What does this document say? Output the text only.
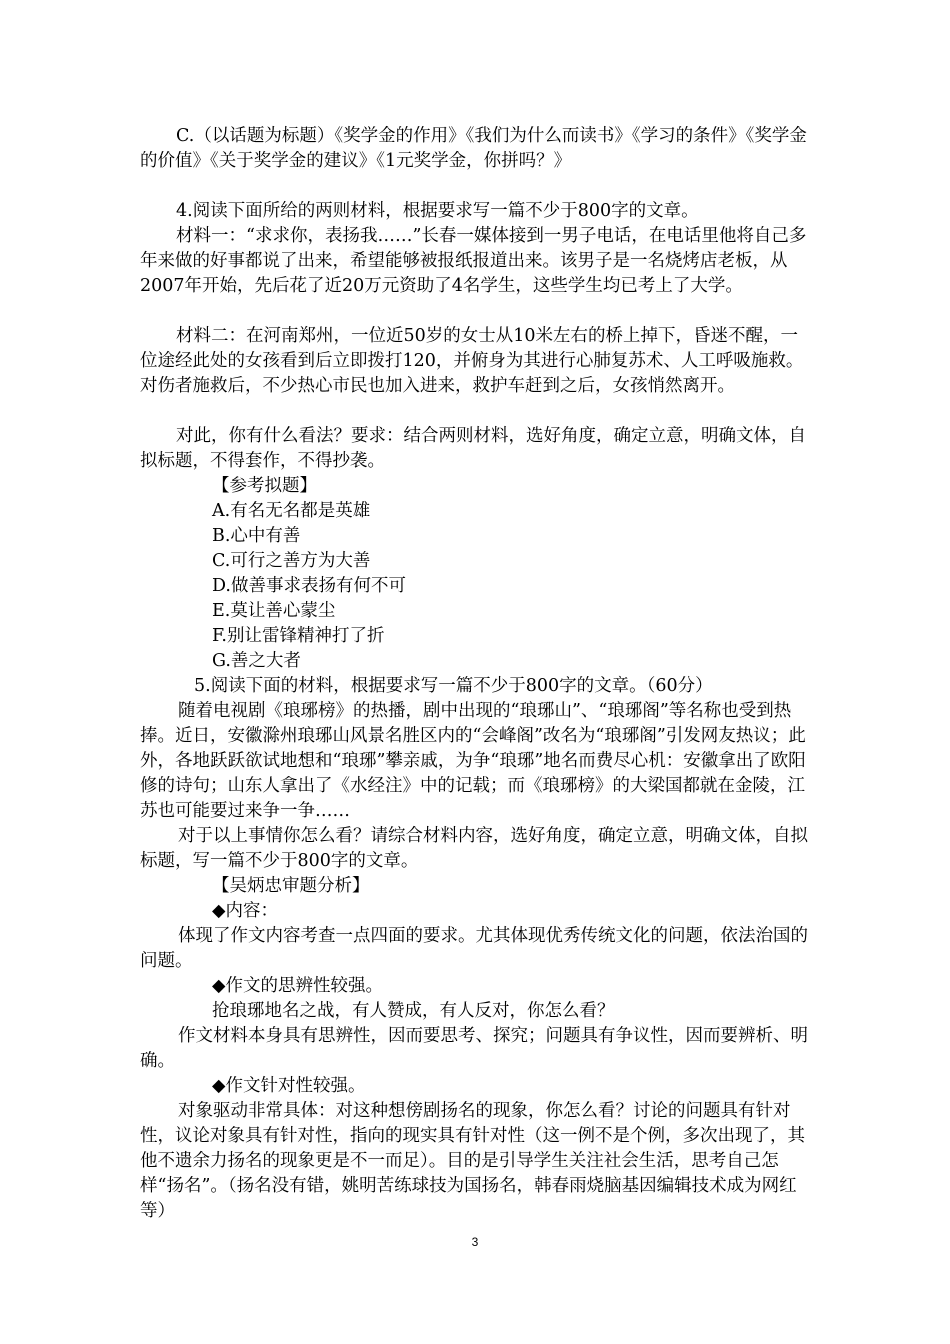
C.（以话题为标题）《奖学金的作用》《我们为什么而读书》《学习的条件》《奖学金的价值》《关于奖学金的建议》《1元奖学金，你拼吗？》

4.阅读下面所给的两则材料，根据要求写一篇不少于800字的文章。

材料一：“求求你，表扬我……”长春一媒体接到一男子电话，在电话里他将自己多年来做的好事都说了出来，希望能够被报纸报道出来。该男子是一名烧烤店老板，从2007年开始，先后花了近20万元资助了4名学生，这些学生均已考上了大学。

材料二：在河南郑州，一位近50岁的女士从10米左右的桥上掉下，昏迷不醒，一位途经此处的女孩看到后立即拨打120，并俯身为其进行心肺复苏术、人工呼吸施救。对伤者施救后，不少热心市民也加入进来，救护车赶到之后，女孩悄然离开。

对此，你有什么看法？要求：结合两则材料，选好角度，确定立意，明确文体，自拟标题，不得套作，不得抄袭。

【参考拟题】

A.有名无名都是英雄

B.心中有善

C.可行之善方为大善

D.做善事求表扬有何不可

E.莫让善心蒙尘

F.别让雷锋精神打了折

G.善之大者

5.阅读下面的材料，根据要求写一篇不少于800字的文章。（60分）

随着电视剧《琅琊榜》的热播，剧中出现的“琅琊山”、“琅琊阁”等名称也受到热捧。近日，安徽滁州琅琊山风景名胜区内的“会峰阁”改名为“琅琊阁”引发网友热议；此外，各地跃跃欲试地想和“琅琊”攀亲戚，为争“琅琊”地名而费尽心机：安徽拿出了欧阳修的诗句；山东人拿出了《水经注》中的记载；而《琅琊榜》的大梁国都就在金陵，江苏也可能要过来争一争……

对于以上事情你怎么看？请综合材料内容，选好角度，确定立意，明确文体，自拟标题，写一篇不少于800字的文章。

【吴炳忠审题分析】

◆内容：

体现了作文内容考查一点四面的要求。尤其体现优秀传统文化的问题，依法治国的问题。

◆作文的思辨性较强。

抢琅琊地名之战，有人赞成，有人反对，你怎么看？

作文材料本身具有思辨性，因而要思考、探究；问题具有争议性，因而要辨析、明确。

◆作文针对性较强。

对象驱动非常具体：对这种想傍剧扬名的现象，你怎么看？讨论的问题具有针对性，议论对象具有针对性，指向的现实具有针对性（这一例不是个例，多次出现了，其他不遗余力扬名的现象更是不一而足）。目的是引导学生关注社会生活，思考自己怎样“扬名”。（扬名没有错，姚明苦练球技为国扬名，韩春雨烧脑基因编辑技术成为网红等）

3
